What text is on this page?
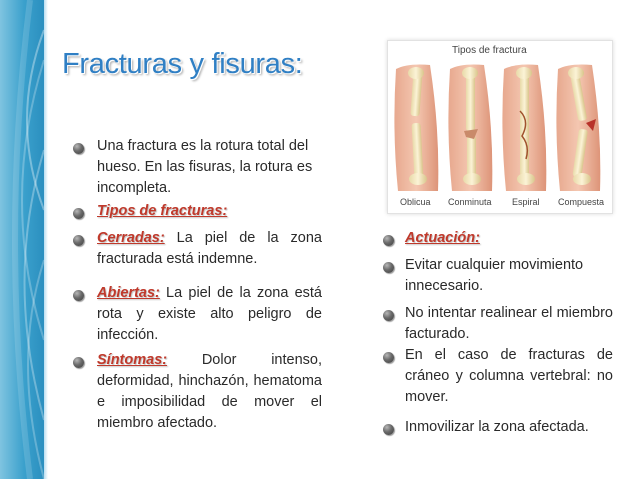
Fracturas y fisuras:	Tipos de fractura
Oblicua Conminuta Espiral Compuesta
Una fractura es la rotura total del hueso. En las fisuras, la rotura es incompleta.
Tipos de fracturas:
Cerradas: La piel de la zona fracturada está indemne.
Abiertas: La piel de la zona está rota y existe alto peligro de infección.
Síntomas: Dolor intenso, deformidad, hinchazón, hematoma e imposibilidad de mover el miembro afectado.
Actuación:
Evitar cualquier movimiento innecesario.
No intentar realinear el miembro facturado.
En el caso de fracturas de cráneo y columna vertebral: no mover.
Inmovilizar la zona afectada.
